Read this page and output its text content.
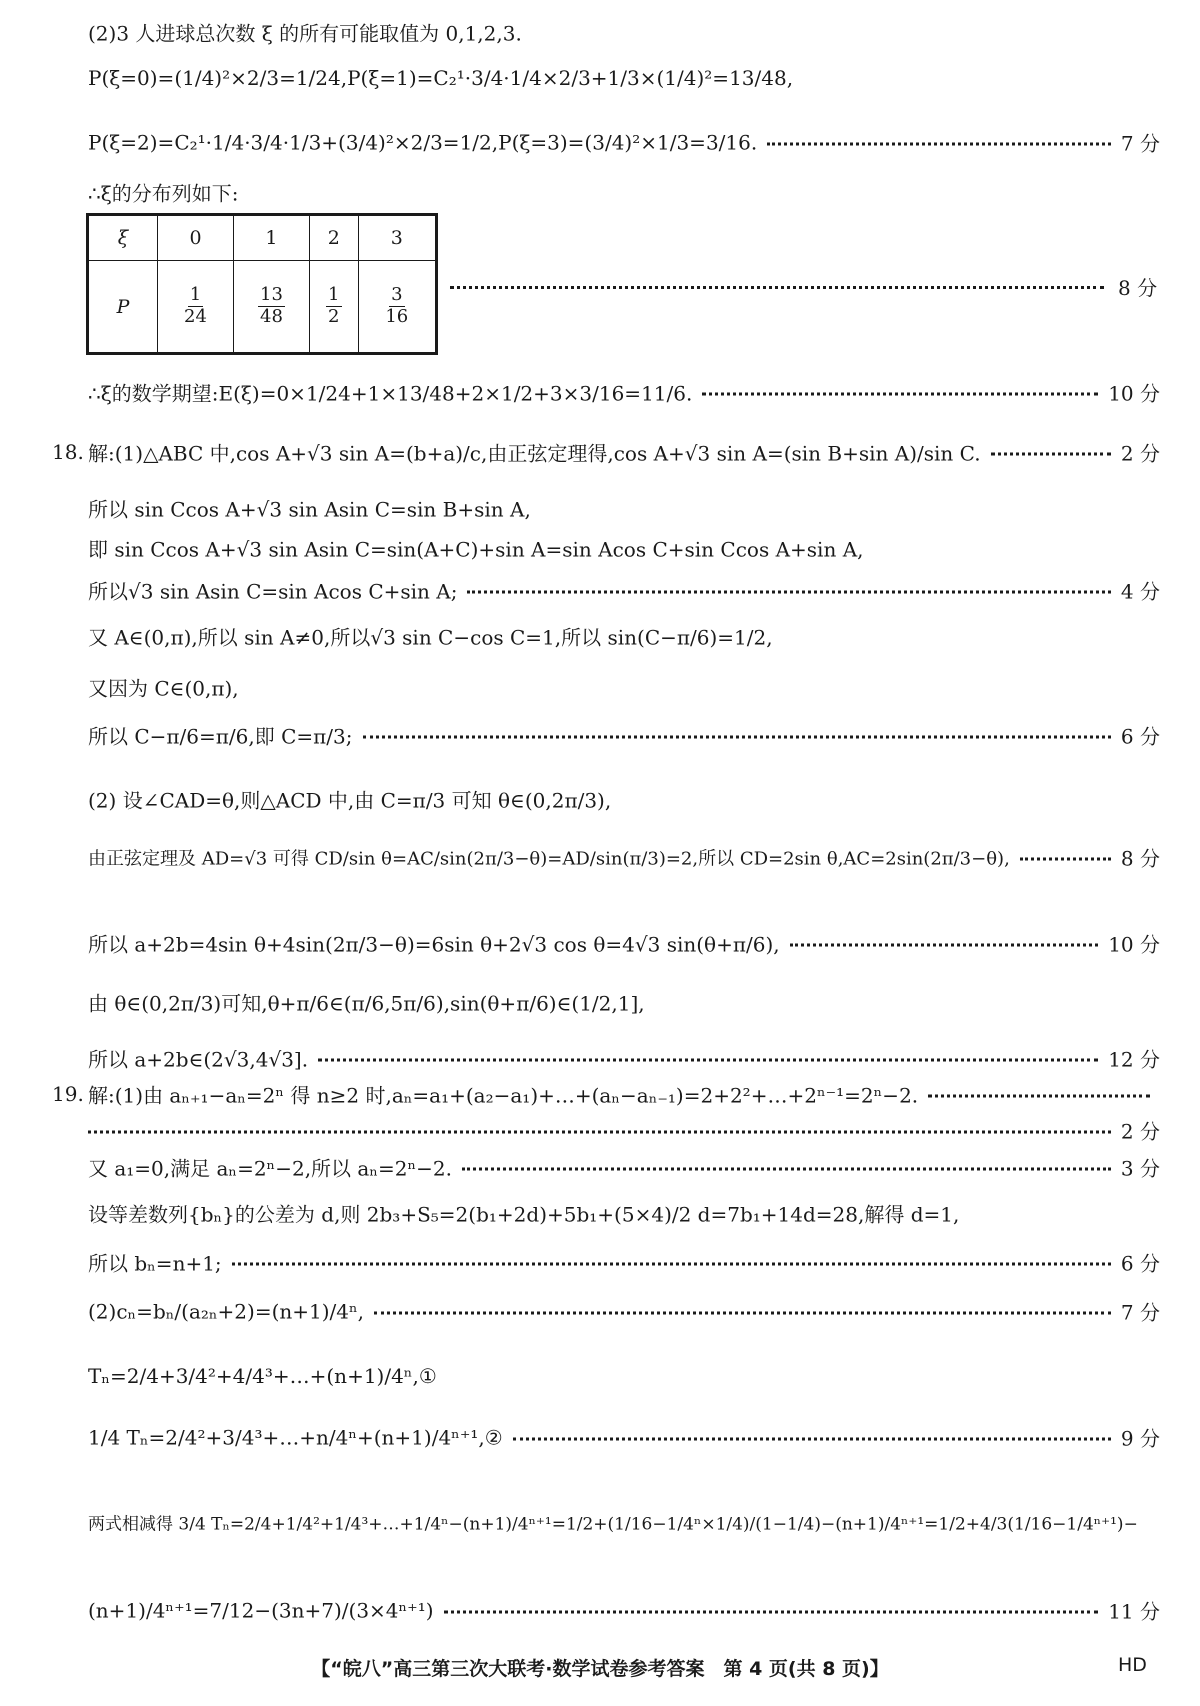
(2)3 人进球总次数 ξ 的所有可能取值为 0,1,2,3.
P(ξ=0)=(1/4)²×2/3=1/24,P(ξ=1)=C₂¹·3/4·1/4×2/3+1/3×(1/4)²=13/48,
P(ξ=2)=C₂¹·1/4·3/4·1/3+(3/4)²×2/3=1/2,P(ξ=3)=(3/4)²×1/3=3/16.	7 分
∴ξ的分布列如下:
ξ	0	1	2	3
P	$\frac{1}{24}$	$\frac{13}{48}$	$\frac{1}{2}$	$\frac{3}{16}$	8 分
∴ξ的数学期望:E(ξ)=0×1/24+1×13/48+2×1/2+3×3/16=11/6.	10 分
18. 解:(1)△ABC 中,cos A+√3 sin A=(b+a)/c,由正弦定理得,cos A+√3 sin A=(sin B+sin A)/sin C.	2 分
所以 sin Ccos A+√3 sin Asin C=sin B+sin A,
即 sin Ccos A+√3 sin Asin C=sin(A+C)+sin A=sin Acos C+sin Ccos A+sin A,
所以√3 sin Asin C=sin Acos C+sin A;	4 分
又 A∈(0,π),所以 sin A≠0,所以√3 sin C−cos C=1,所以 sin(C−π/6)=1/2,
又因为 C∈(0,π),
所以 C−π/6=π/6,即 C=π/3;	6 分
(2) 设∠CAD=θ,则△ACD 中,由 C=π/3 可知 θ∈(0,2π/3),
由正弦定理及 AD=√3 可得 CD/sin θ=AC/sin(2π/3−θ)=AD/sin(π/3)=2,所以 CD=2sin θ,AC=2sin(2π/3−θ),	8 分
所以 a+2b=4sin θ+4sin(2π/3−θ)=6sin θ+2√3 cos θ=4√3 sin(θ+π/6),	10 分
由 θ∈(0,2π/3)可知,θ+π/6∈(π/6,5π/6),sin(θ+π/6)∈(1/2,1],
所以 a+2b∈(2√3,4√3].	12 分
19. 解:(1)由 aₙ₊₁−aₙ=2ⁿ 得 n≥2 时,aₙ=a₁+(a₂−a₁)+…+(aₙ−aₙ₋₁)=2+2²+…+2ⁿ⁻¹=2ⁿ−2.
2 分
又 a₁=0,满足 aₙ=2ⁿ−2,所以 aₙ=2ⁿ−2.	3 分
设等差数列{bₙ}的公差为 d,则 2b₃+S₅=2(b₁+2d)+5b₁+(5×4)/2 d=7b₁+14d=28,解得 d=1,
所以 bₙ=n+1;	6 分
(2)cₙ=bₙ/(a₂ₙ+2)=(n+1)/4ⁿ,	7 分
Tₙ=2/4+3/4²+4/4³+…+(n+1)/4ⁿ,①
1/4 Tₙ=2/4²+3/4³+…+n/4ⁿ+(n+1)/4ⁿ⁺¹,②	9 分
两式相减得 3/4 Tₙ=2/4+1/4²+1/4³+…+1/4ⁿ−(n+1)/4ⁿ⁺¹=1/2+(1/16−1/4ⁿ×1/4)/(1−1/4)−(n+1)/4ⁿ⁺¹=1/2+4/3(1/16−1/4ⁿ⁺¹)−
(n+1)/4ⁿ⁺¹=7/12−(3n+7)/(3×4ⁿ⁺¹)	11 分
【“皖八”高三第三次大联考·数学试卷参考答案　第 4 页(共 8 页)】	HD
